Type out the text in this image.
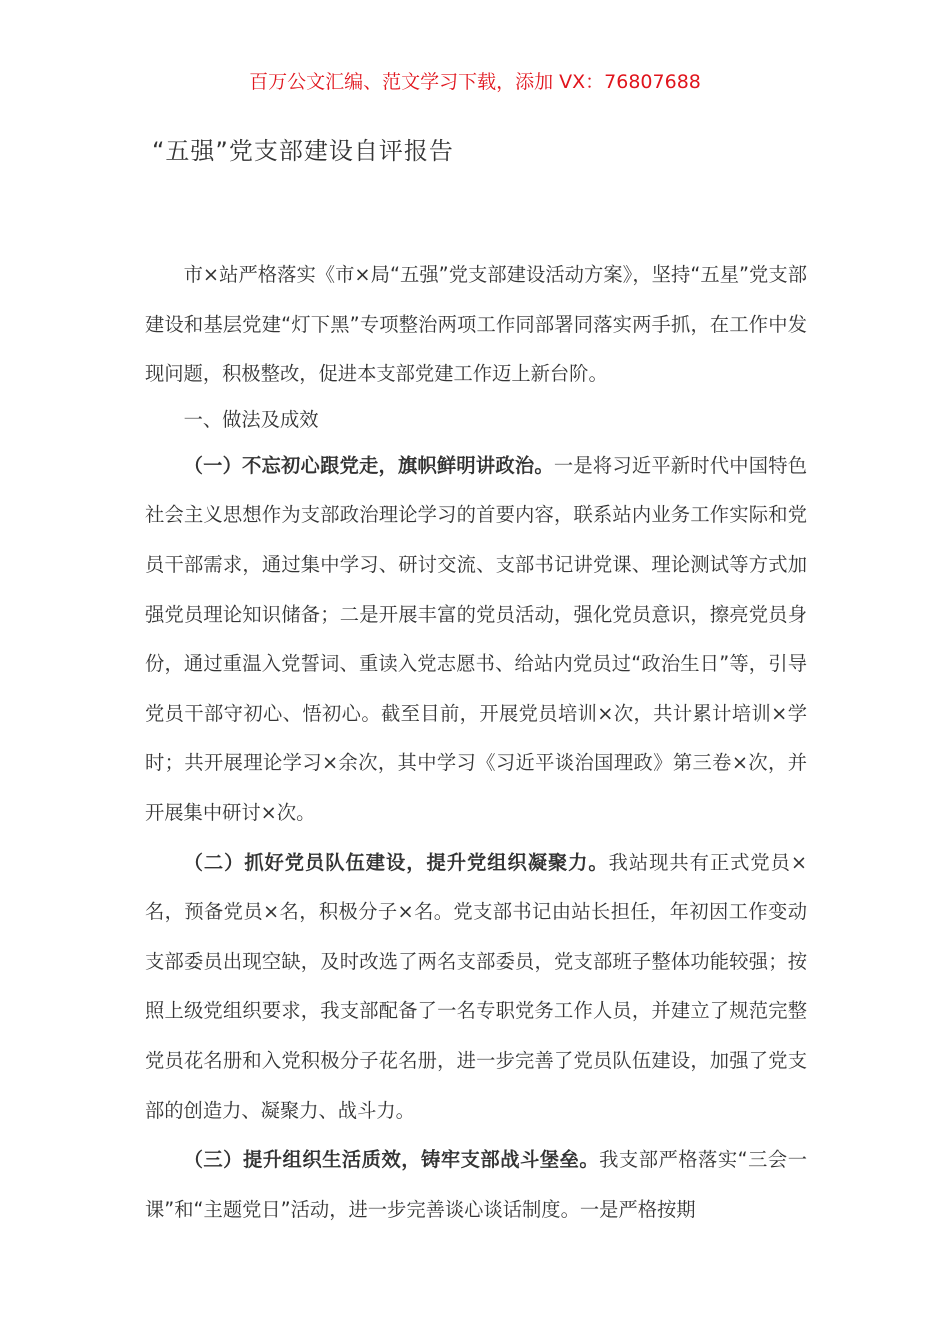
百万公文汇编、范文学习下载，添加 VX：76807688
“五强”党支部建设自评报告

市×站严格落实《市×局“五强”党支部建设活动方案》，坚持“五星”党支部建设和基层党建“灯下黑”专项整治两项工作同部署同落实两手抓，在工作中发现问题，积极整改，促进本支部党建工作迈上新台阶。

一、做法及成效

（一）不忘初心跟党走，旗帜鲜明讲政治。一是将习近平新时代中国特色社会主义思想作为支部政治理论学习的首要内容，联系站内业务工作实际和党员干部需求，通过集中学习、研讨交流、支部书记讲党课、理论测试等方式加强党员理论知识储备；二是开展丰富的党员活动，强化党员意识，擦亮党员身份，通过重温入党誓词、重读入党志愿书、给站内党员过“政治生日”等，引导党员干部守初心、悟初心。截至目前，开展党员培训×次，共计累计培训×学时；共开展理论学习×余次，其中学习《习近平谈治国理政》第三卷×次，并开展集中研讨×次。

（二）抓好党员队伍建设，提升党组织凝聚力。我站现共有正式党员×名，预备党员×名，积极分子×名。党支部书记由站长担任，年初因工作变动支部委员出现空缺，及时改选了两名支部委员，党支部班子整体功能较强；按照上级党组织要求，我支部配备了一名专职党务工作人员，并建立了规范完整党员花名册和入党积极分子花名册，进一步完善了党员队伍建设，加强了党支部的创造力、凝聚力、战斗力。

（三）提升组织生活质效，铸牢支部战斗堡垒。我支部严格落实“三会一课”和“主题党日”活动，进一步完善谈心谈话制度。一是严格按期
